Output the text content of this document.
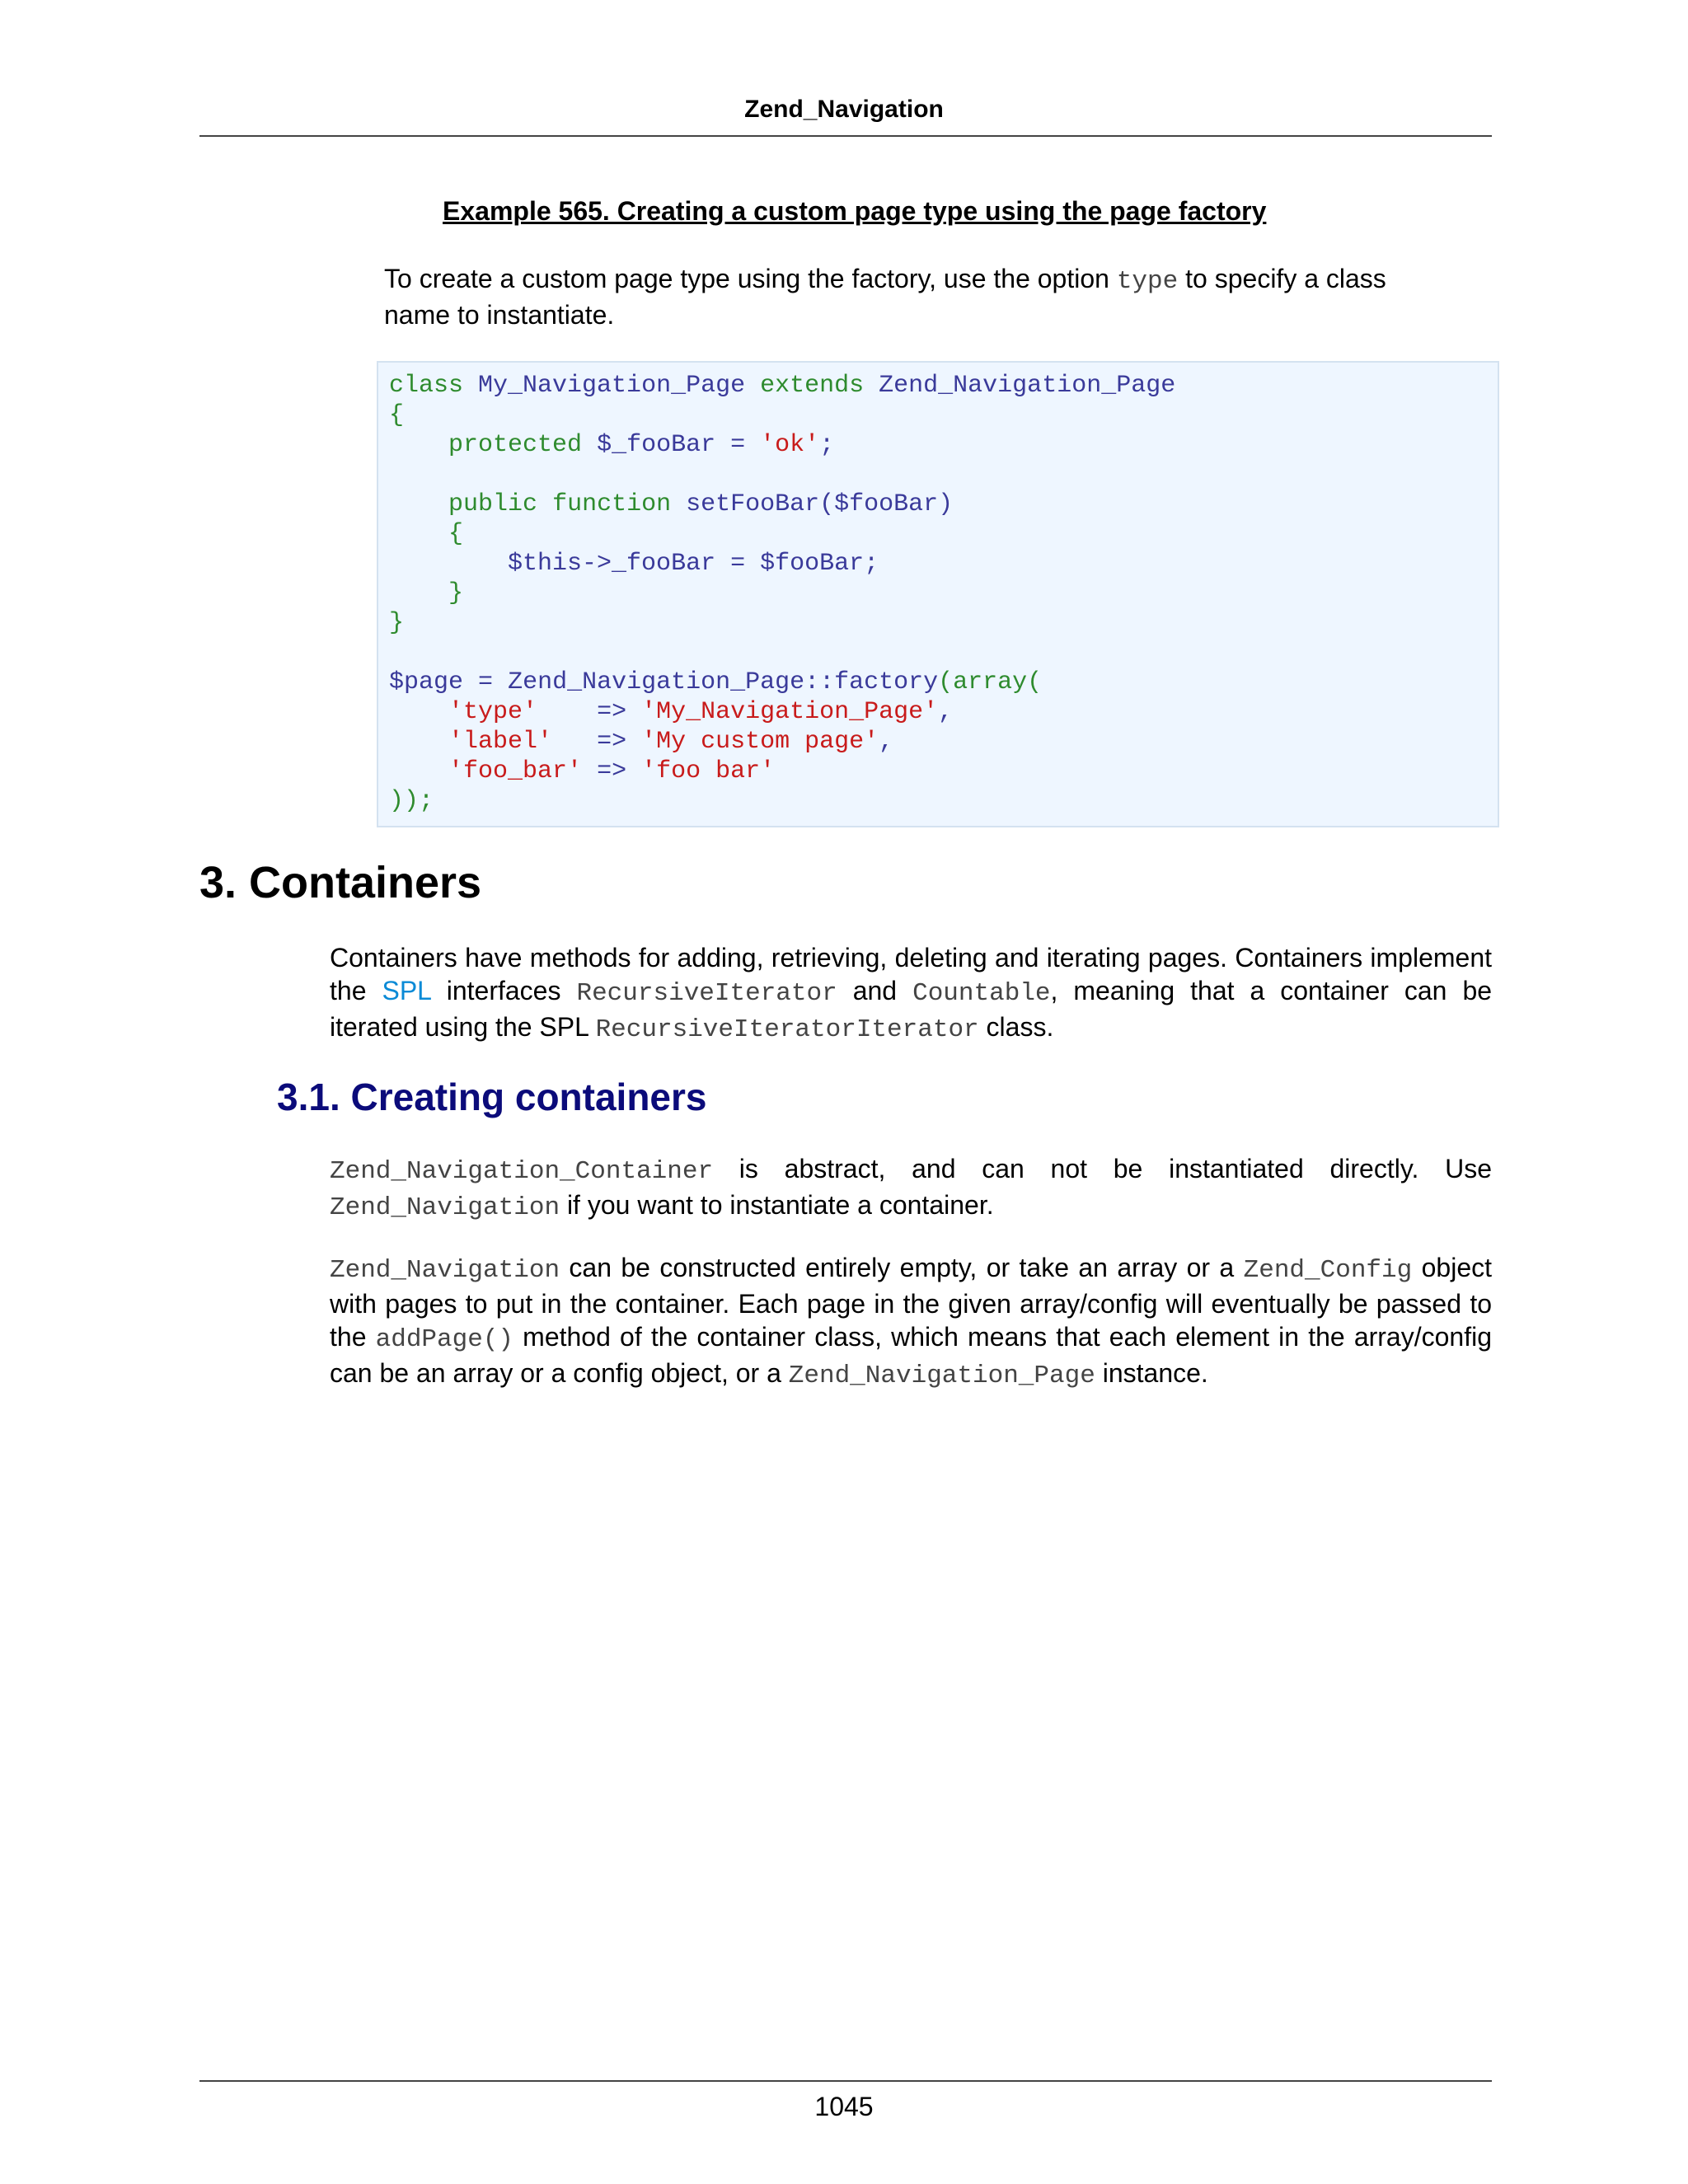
Zend_Navigation
Example 565. Creating a custom page type using the page factory
To create a custom page type using the factory, use the option type to specify a class
name to instantiate.
class My_Navigation_Page extends Zend_Navigation_Page
{
protected $_fooBar = 'ok';

public function setFooBar($fooBar)
{
$this->_fooBar = $fooBar;
}
}

$page = Zend_Navigation_Page::factory(array(
'type' => 'My_Navigation_Page',
'label' => 'My custom page',
'foo_bar' => 'foo bar'
));
3. Containers
Containers have methods for adding, retrieving, deleting and iterating pages. Containers implement the SPL interfaces RecursiveIterator and Countable, meaning that a container can be iterated using the SPL RecursiveIteratorIterator class.
3.1. Creating containers
Zend_Navigation_Container is abstract, and can not be instantiated directly. Use Zend_Navigation if you want to instantiate a container.
Zend_Navigation can be constructed entirely empty, or take an array or a Zend_Config object with pages to put in the container. Each page in the given array/config will eventually be passed to the addPage() method of the container class, which means that each element in the array/config can be an array or a config object, or a Zend_Navigation_Page instance.
1045
